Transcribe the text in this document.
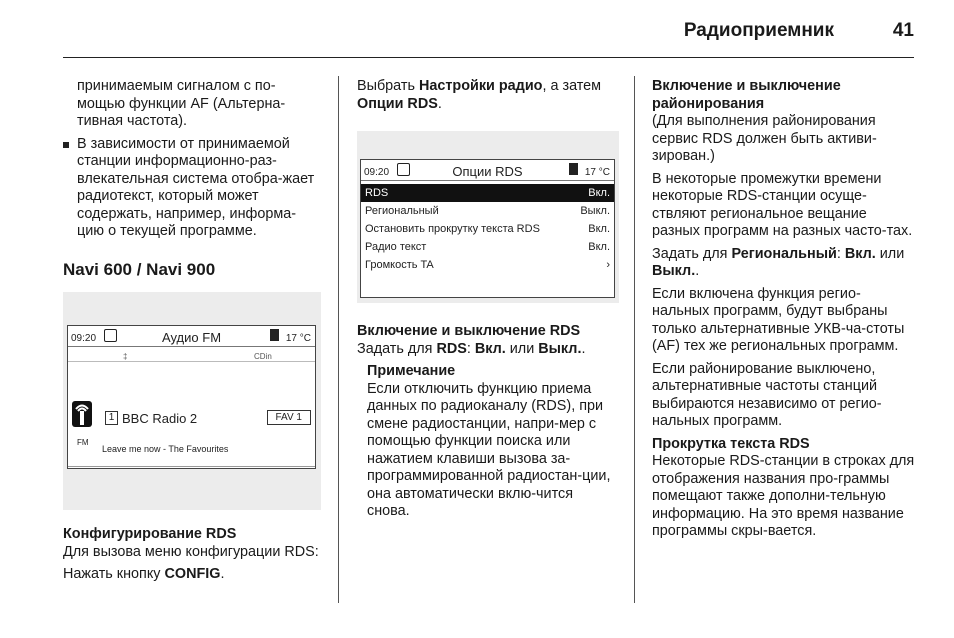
Радиоприемник	41

принимаемым сигналом с по-мощью функции AF (Альтерна-тивная частота).

В зависимости от принимаемой станции информационно-раз-влекательная система отобра-жает радиотекст, который может содержать, например, информа-цию о текущей программе.

Navi 600 / Navi 900
09:20	Аудио FM	17 °C
‡	CDin
FM
1 BBC Radio 2	FAV 1
Leave me now - The Favourites

Конфигурирование RDS

Для вызова меню конфигурации RDS:

Нажать кнопку CONFIG.

Выбрать Настройки радио, а затем Опции RDS.

09:20	Опции RDS	17 °C
RDS	Вкл.
Региональный	Выкл.
Остановить прокрутку текста RDS	Вкл.
Радио текст	Вкл.
Громкость TA	›

Включение и выключение RDS

Задать для RDS: Вкл. или Выкл..

Примечание

Если отключить функцию приема данных по радиоканалу (RDS), при смене радиостанции, напри-мер с помощью функции поиска или нажатием клавиши вызова за-программированной радиостан-ции, она автоматически вклю-чится снова.

Включение и выключение районирования

(Для выполнения районирования сервис RDS должен быть активи-зирован.)

В некоторые промежутки времени некоторые RDS-станции осуще-ствляют региональное вещание разных программ на разных часто-тах.

Задать для Региональный: Вкл. или Выкл..

Если включена функция регио-нальных программ, будут выбраны только альтернативные УКВ-ча-стоты (AF) тех же региональных программ.

Если районирование выключено, альтернативные частоты станций выбираются независимо от регио-нальных программ.

Прокрутка текста RDS

Некоторые RDS-станции в строках для отображения названия про-граммы помещают также дополни-тельную информацию. На это время название программы скры-вается.
